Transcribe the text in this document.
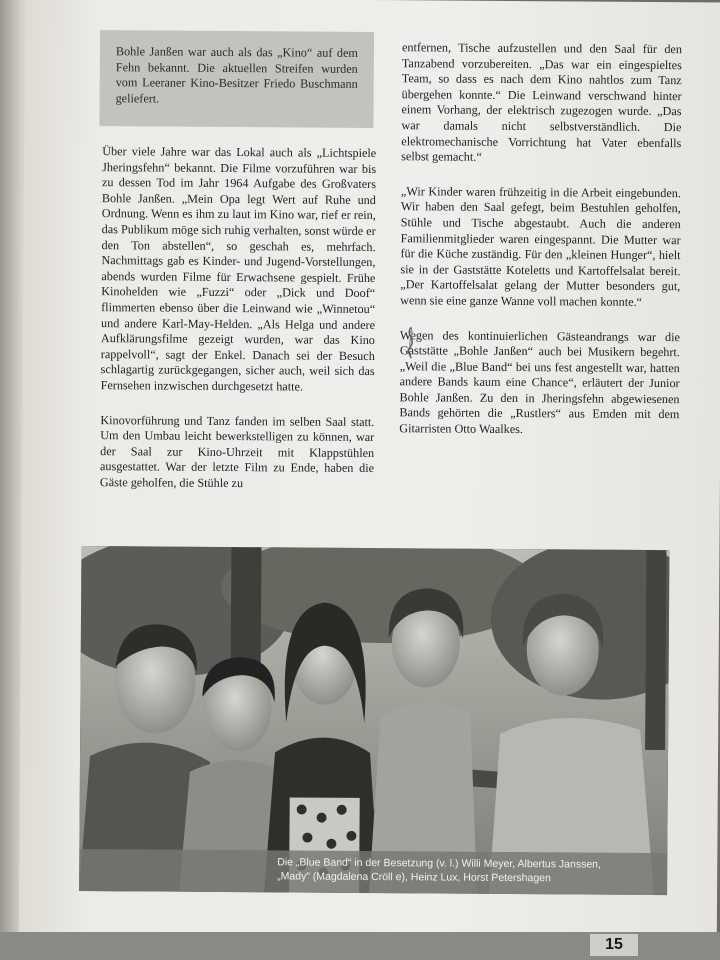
Bohle Janßen war auch als das „Kino“ auf dem Fehn bekannt. Die aktuellen Streifen wurden vom Leeraner Kino-Besitzer Friedo Buschmann geliefert.

Über viele Jahre war das Lokal auch als „Lichtspiele Jheringsfehn“ bekannt. Die Filme vorzuführen war bis zu dessen Tod im Jahr 1964 Aufgabe des Großvaters Bohle Janßen. „Mein Opa legt Wert auf Ruhe und Ordnung. Wenn es ihm zu laut im Kino war, rief er rein, das Publikum möge sich ruhig verhalten, sonst würde er den Ton abstellen“, so geschah es, mehrfach. Nachmittags gab es Kinder- und Jugend-Vorstellungen, abends wurden Filme für Erwachsene gespielt. Frühe Kinohelden wie „Fuzzi“ oder „Dick und Doof“ flimmerten ebenso über die Leinwand wie „Winnetou“ und andere Karl-May-Helden. „Als Helga und andere Aufklärungsfilme gezeigt wurden, war das Kino rappelvoll“, sagt der Enkel. Danach sei der Besuch schlagartig zurückgegangen, sicher auch, weil sich das Fernsehen inzwischen durchgesetzt hatte.

Kinovorführung und Tanz fanden im selben Saal statt. Um den Umbau leicht bewerkstelligen zu können, war der Saal zur Kino-Uhrzeit mit Klappstühlen ausgestattet. War der letzte Film zu Ende, haben die Gäste geholfen, die Stühle zu

entfernen, Tische aufzustellen und den Saal für den Tanzabend vorzubereiten. „Das war ein eingespieltes Team, so dass es nach dem Kino nahtlos zum Tanz übergehen konnte.“ Die Leinwand verschwand hinter einem Vorhang, der elektrisch zugezogen wurde. „Das war damals nicht selbstverständlich. Die elektromechanische Vorrichtung hat Vater ebenfalls selbst gemacht.“

„Wir Kinder waren frühzeitig in die Arbeit eingebunden. Wir haben den Saal gefegt, beim Bestuhlen geholfen, Stühle und Tische abgestaubt. Auch die anderen Familienmitglieder waren eingespannt. Die Mutter war für die Küche zuständig. Für den „kleinen Hunger“, hielt sie in der Gaststätte Koteletts und Kartoffelsalat bereit. „Der Kartoffelsalat gelang der Mutter besonders gut, wenn sie eine ganze Wanne voll machen konnte.“

Wegen des kontinuierlichen Gästeandrangs war die Gaststätte „Bohle Janßen“ auch bei Musikern begehrt. „Weil die „Blue Band“ bei uns fest angestellt war, hatten andere Bands kaum eine Chance“, erläutert der Junior Bohle Janßen. Zu den in Jheringsfehn abgewiesenen Bands gehörten die „Rustlers“ aus Emden mit dem Gitarristen Otto Waalkes.

Die „Blue Band“ in der Besetzung (v. l.) Willi Meyer, Albertus Janssen,
„Mady“ (Magdalena Cröll e), Heinz Lux, Horst Petershagen
15
